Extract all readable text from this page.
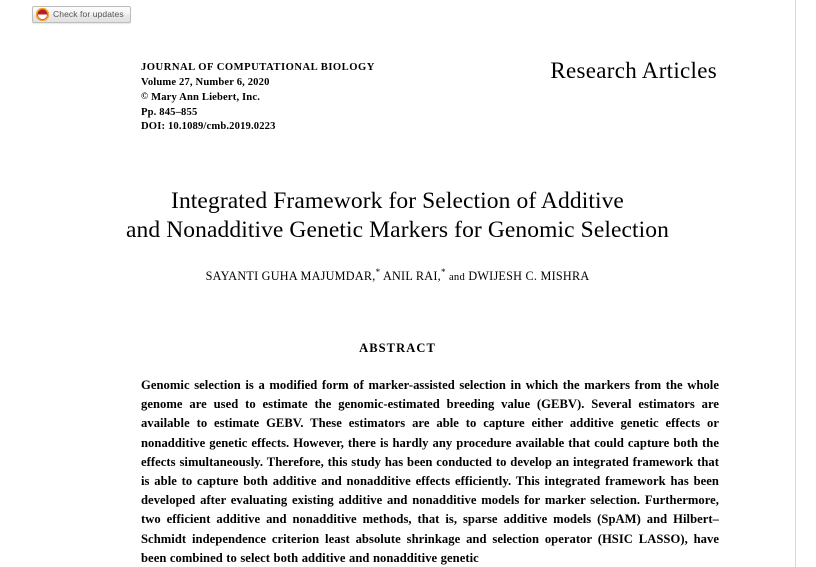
Check for updates
JOURNAL OF COMPUTATIONAL BIOLOGY
Volume 27, Number 6, 2020
© Mary Ann Liebert, Inc.
Pp. 845–855
DOI: 10.1089/cmb.2019.0223
Research Articles
Integrated Framework for Selection of Additive
and Nonadditive Genetic Markers for Genomic Selection
SAYANTI GUHA MAJUMDAR,* ANIL RAI,* and DWIJESH C. MISHRA
ABSTRACT
Genomic selection is a modified form of marker-assisted selection in which the markers from the whole genome are used to estimate the genomic-estimated breeding value (GEBV). Several estimators are available to estimate GEBV. These estimators are able to capture either additive genetic effects or nonadditive genetic effects. However, there is hardly any procedure available that could capture both the effects simultaneously. Therefore, this study has been conducted to develop an integrated framework that is able to capture both additive and nonadditive effects efficiently. This integrated framework has been developed after evaluating existing additive and nonadditive models for marker selection. Furthermore, two efficient additive and nonadditive methods, that is, sparse additive models (SpAM) and Hilbert–Schmidt independence criterion least absolute shrinkage and selection operator (HSIC LASSO), have been combined to select both additive and nonadditive genetic
